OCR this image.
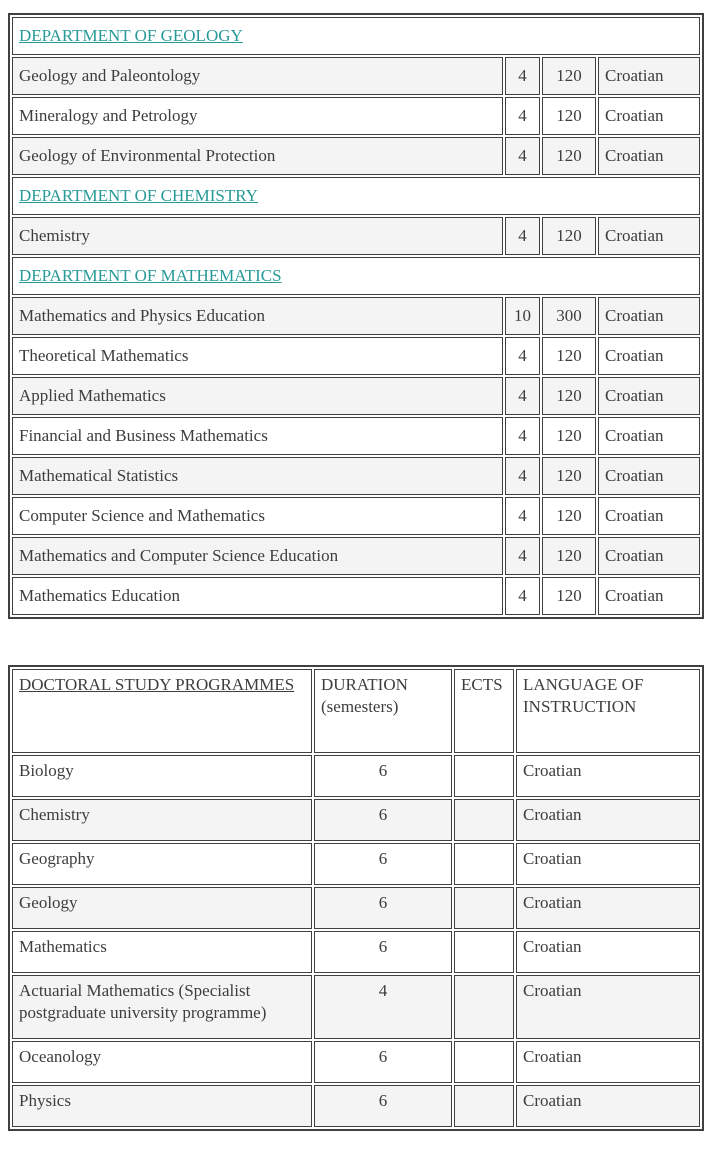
DEPARTMENT OF GEOLOGY			
Geology and Paleontology	4	120	Croatian
Mineralogy and Petrology	4	120	Croatian
Geology of Environmental Protection	4	120	Croatian
DEPARTMENT OF CHEMISTRY			
Chemistry	4	120	Croatian
DEPARTMENT OF MATHEMATICS			
Mathematics and Physics Education	10	300	Croatian
Theoretical Mathematics	4	120	Croatian
Applied Mathematics	4	120	Croatian
Financial and Business Mathematics	4	120	Croatian
Mathematical Statistics	4	120	Croatian
Computer Science and Mathematics	4	120	Croatian
Mathematics and Computer Science Education	4	120	Croatian
Mathematics Education	4	120	Croatian
DOCTORAL STUDY PROGRAMMES	DURATION (semesters)	ECTS	LANGUAGE OF INSTRUCTION
Biology	6		Croatian
Chemistry	6		Croatian
Geography	6		Croatian
Geology	6		Croatian
Mathematics	6		Croatian
Actuarial Mathematics (Specialist postgraduate university programme)	4		Croatian
Oceanology	6		Croatian
Physics	6		Croatian
